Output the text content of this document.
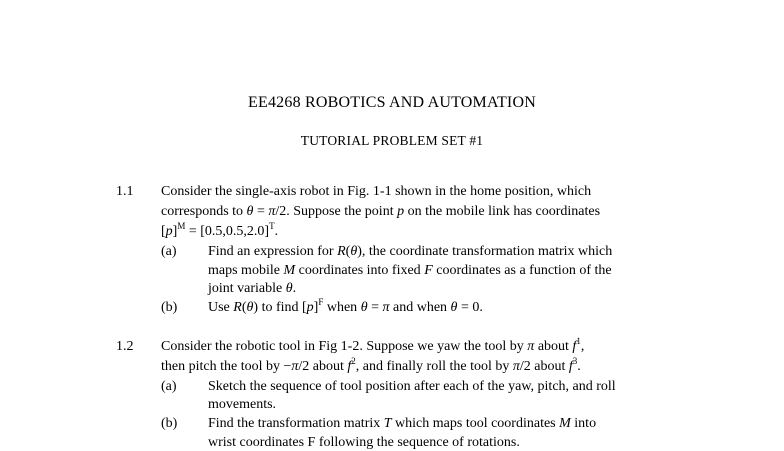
EE4268 ROBOTICS AND AUTOMATION
TUTORIAL PROBLEM SET #1
1.1 Consider the single-axis robot in Fig. 1-1 shown in the home position, which
corresponds to θ = π/2. Suppose the point p on the mobile link has coordinates
$[p]^M = [0.5,0.5,2.0]^T$.
(a) Find an expression for R(θ), the coordinate transformation matrix which
maps mobile M coordinates into fixed F coordinates as a function of the
joint variable θ.
(b) Use R(θ) to find $[p]^F$ when θ = π and when θ = 0.
1.2 Consider the robotic tool in Fig 1-2. Suppose we yaw the tool by π about $f^1$,
then pitch the tool by −π/2 about $f^2$, and finally roll the tool by π/2 about $f^3$.
(a) Sketch the sequence of tool position after each of the yaw, pitch, and roll
movements.
(b) Find the transformation matrix T which maps tool coordinates M into
wrist coordinates F following the sequence of rotations.
